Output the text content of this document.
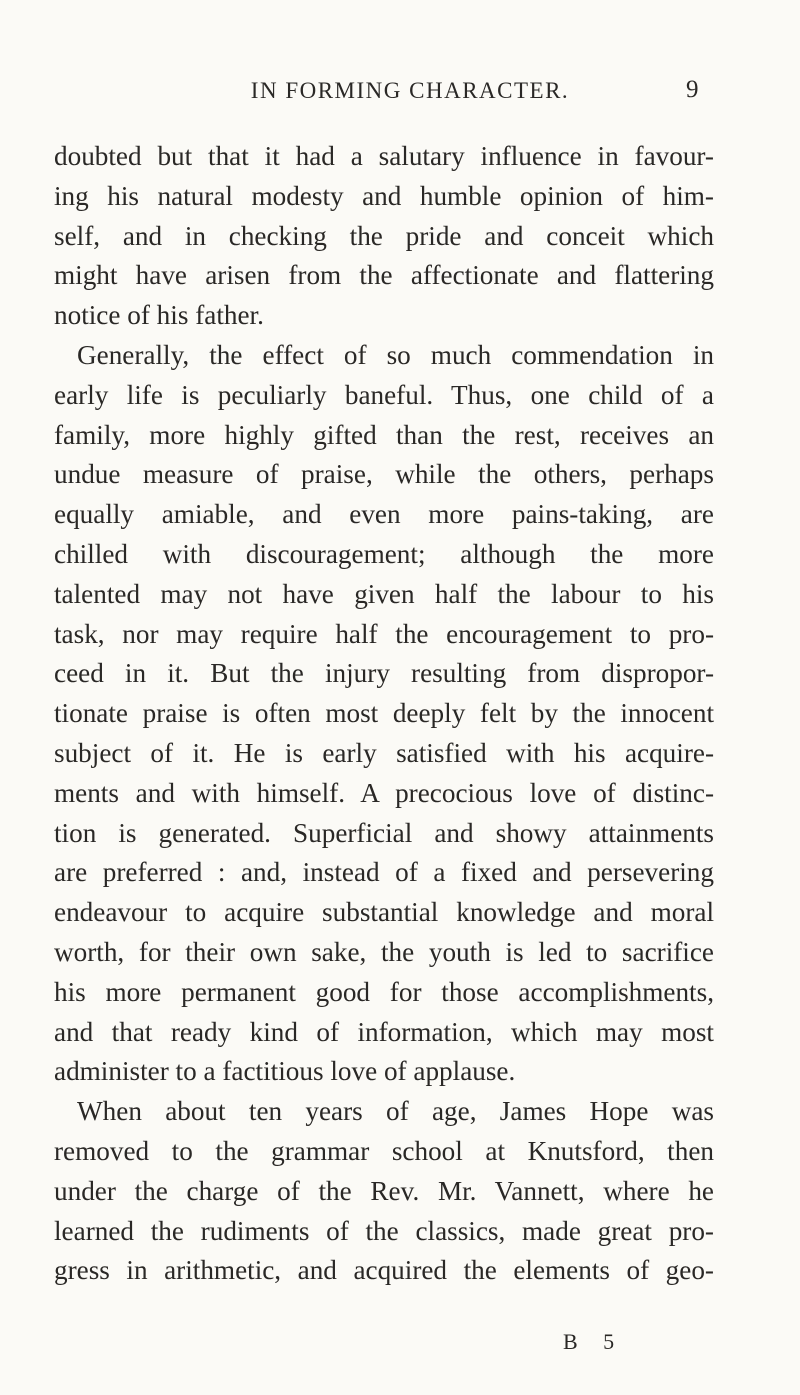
IN FORMING CHARACTER.	9
doubted but that it had a salutary influence in favour-
ing his natural modesty and humble opinion of him-
self, and in checking the pride and conceit which
might have arisen from the affectionate and flattering
notice of his father.
Generally, the effect of so much commendation in
early life is peculiarly baneful. Thus, one child of a
family, more highly gifted than the rest, receives an
undue measure of praise, while the others, perhaps
equally amiable, and even more pains-taking, are
chilled with discouragement; although the more
talented may not have given half the labour to his
task, nor may require half the encouragement to pro-
ceed in it. But the injury resulting from dispropor-
tionate praise is often most deeply felt by the innocent
subject of it. He is early satisfied with his acquire-
ments and with himself. A precocious love of distinc-
tion is generated. Superficial and showy attainments
are preferred : and, instead of a fixed and persevering
endeavour to acquire substantial knowledge and moral
worth, for their own sake, the youth is led to sacrifice
his more permanent good for those accomplishments,
and that ready kind of information, which may most
administer to a factitious love of applause.
When about ten years of age, James Hope was
removed to the grammar school at Knutsford, then
under the charge of the Rev. Mr. Vannett, where he
learned the rudiments of the classics, made great pro-
gress in arithmetic, and acquired the elements of geo-
B 5
